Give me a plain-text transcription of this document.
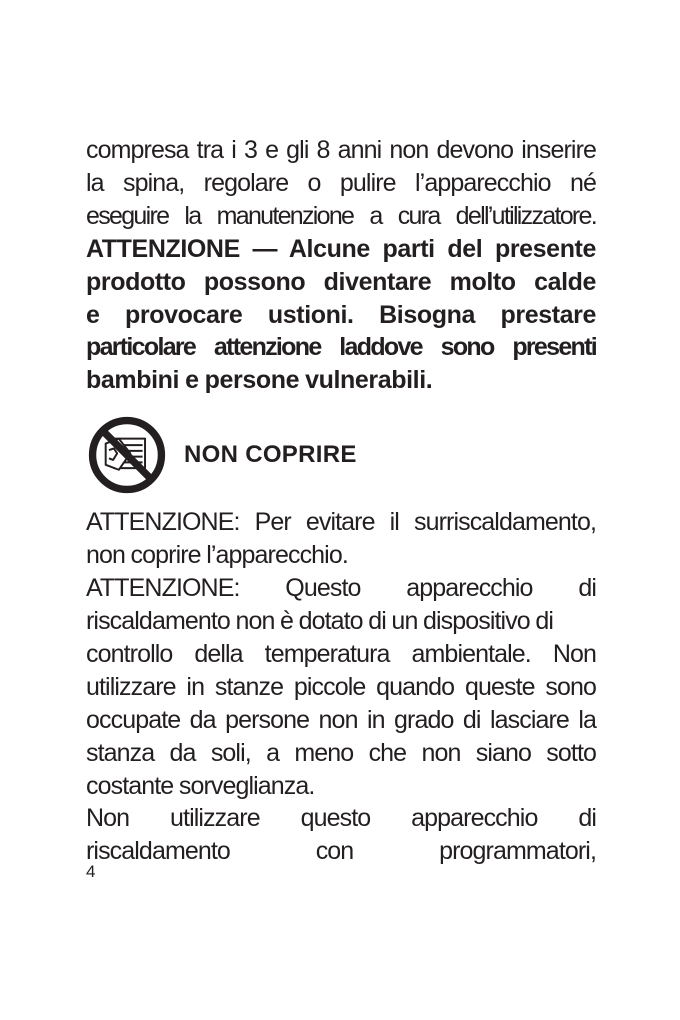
compresa tra i 3 e gli 8 anni non devono inserire
la spina, regolare o pulire l’apparecchio né
eseguire la manutenzione a cura dell’utilizzatore.
ATTENZIONE — Alcune parti del presente
prodotto possono diventare molto calde
e provocare ustioni. Bisogna prestare
particolare attenzione laddove sono presenti
bambini e persone vulnerabili.
NON COPRIRE
ATTENZIONE: Per evitare il surriscaldamento,
non coprire l’apparecchio.
ATTENZIONE: Questo apparecchio di
riscaldamento non è dotato di un dispositivo di
controllo della temperatura ambientale. Non utilizzare in stanze piccole quando queste sono occupate da persone non in grado di lasciare la stanza da soli, a meno che non siano sotto costante sorveglianza.
Non utilizzare questo apparecchio di
riscaldamento con programmatori,
4
